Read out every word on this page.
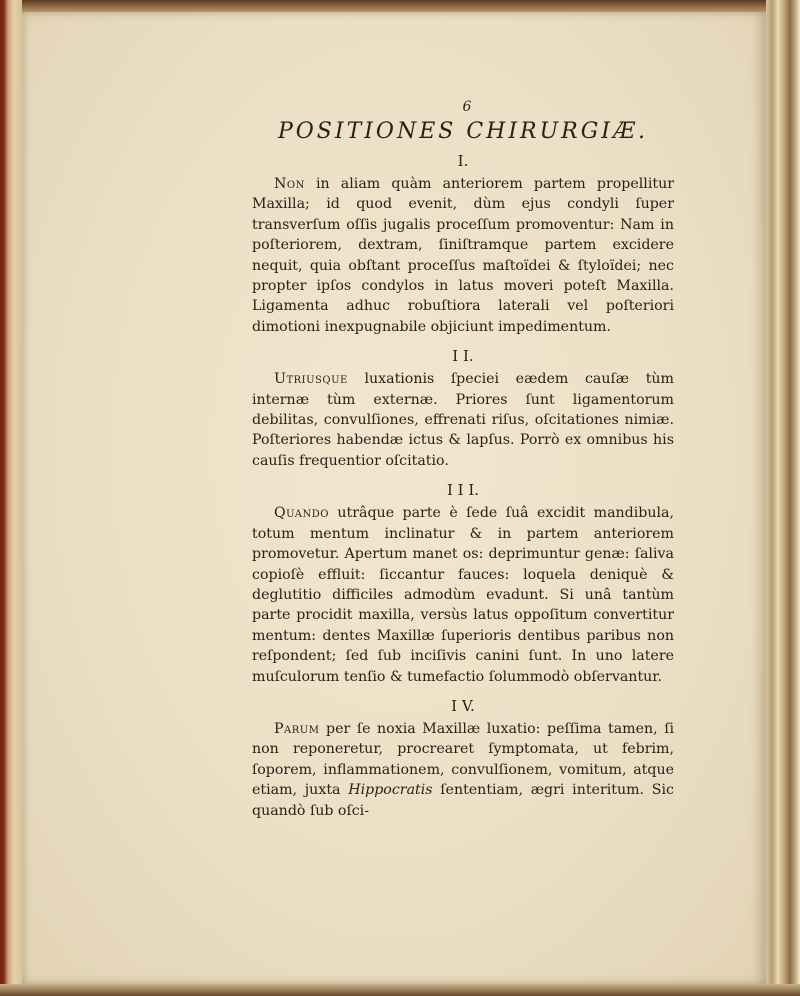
6
POSITIONES CHIRURGIÆ.
I.

Non in aliam quàm anteriorem partem propellitur Maxilla; id quod evenit, dùm ejus condyli ſuper transverſum oſſis jugalis proceſſum promoventur: Nam in poſteriorem, dextram, ſiniſtramque partem excidere nequit, quia obſtant proceſſus maſtoïdei & ſtyloïdei; nec propter ipſos condylos in latus moveri poteſt Maxilla. Ligamenta adhuc robuſtiora laterali vel poſteriori dimotioni inexpugnabile objiciunt impedimentum.

I I.

Utriusque luxationis ſpeciei eædem cauſæ tùm internæ tùm externæ. Priores ſunt ligamentorum debilitas, convulſiones, effrenati riſus, oſcitationes nimiæ. Poſteriores habendæ ictus & lapſus. Porrò ex omnibus his cauſis frequentior oſcitatio.

I I I.

Quando utrâque parte è ſede ſuâ excidit mandibula, totum mentum inclinatur & in partem anteriorem promovetur. Apertum manet os: deprimuntur genæ: ſaliva copioſè effluit: ſiccantur fauces: loquela deniquè & deglutitio difficiles admodùm evadunt. Si unâ tantùm parte procidit maxilla, versùs latus oppoſitum convertitur mentum: dentes Maxillæ ſuperioris dentibus paribus non reſpondent; ſed ſub inciſivis canini ſunt. In uno latere muſculorum tenſio & tumefactio ſolummodò obſervantur.

I V.

Parum per ſe noxia Maxillæ luxatio: peſſima tamen, ſi non reponeretur, procrearet ſymptomata, ut febrim, ſoporem, inflammationem, convulſionem, vomitum, atque etiam, juxta Hippocratis ſententiam, ægri interitum. Sic quandò ſub oſci-
